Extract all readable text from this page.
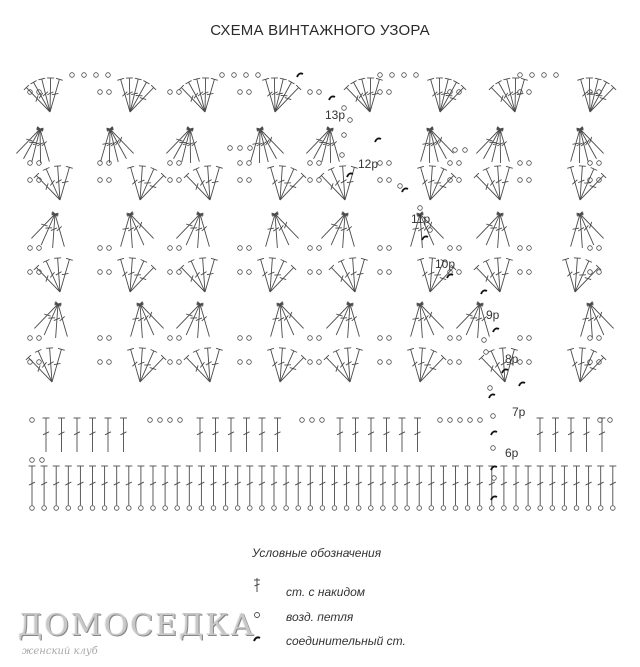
СХЕМА ВИНТАЖНОГО УЗОРА
13р
12р
11р
10р
9р
8р
7р
6р
Условные обозначения
ст. с накидом
возд. петля
соединительный ст.
ДОМОСЕДКА
женский клуб
